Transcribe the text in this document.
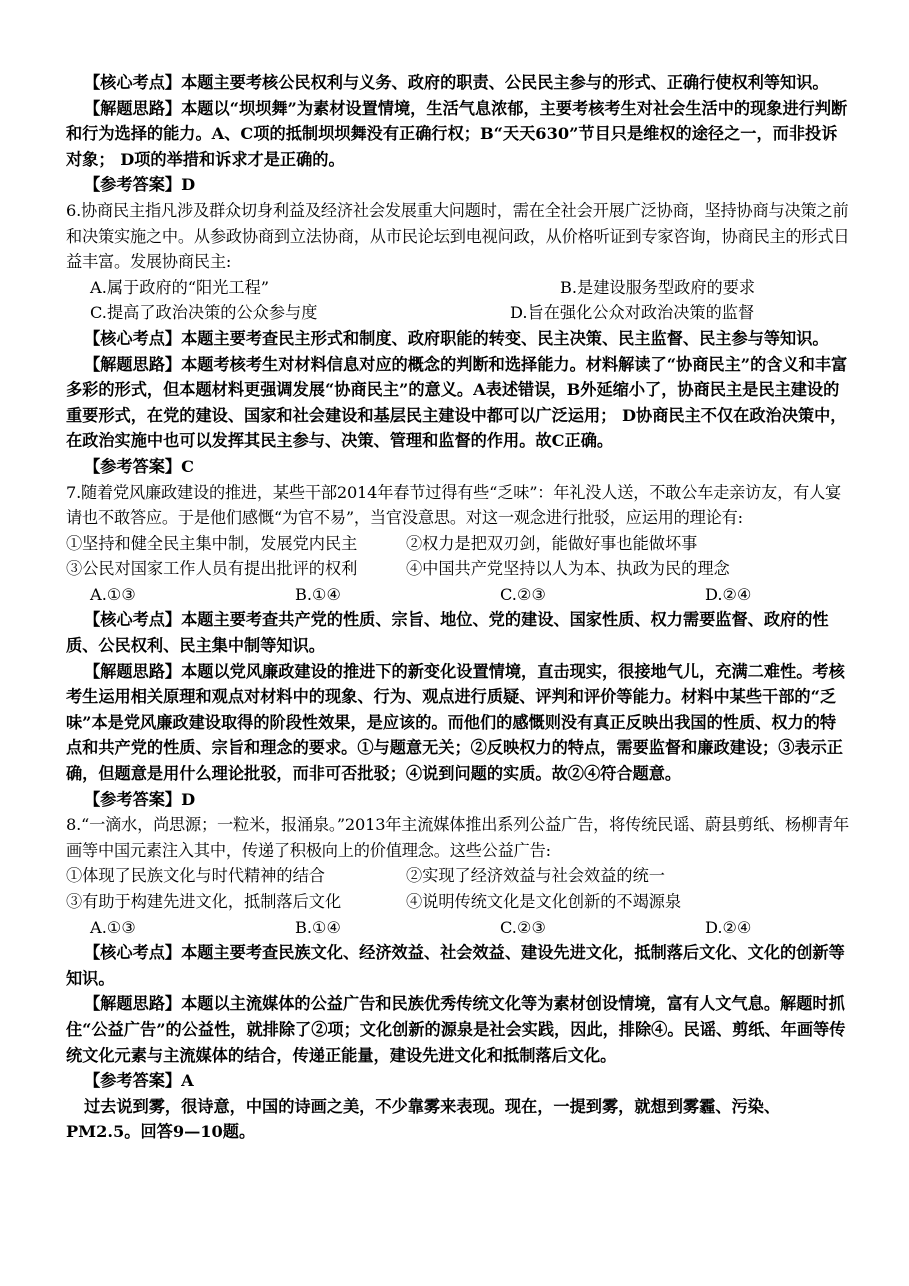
【核心考点】本题主要考核公民权利与义务、政府的职责、公民民主参与的形式、正确行使权利等知识。

【解题思路】本题以“坝坝舞”为素材设置情境，生活气息浓郁，主要考核考生对社会生活中的现象进行判断和行为选择的能力。A、C项的抵制坝坝舞没有正确行权；B“天天630”节目只是维权的途径之一，而非投诉对象； D项的举措和诉求才是正确的。

【参考答案】D

6.协商民主指凡涉及群众切身利益及经济社会发展重大问题时，需在全社会开展广泛协商，坚持协商与决策之前和决策实施之中。从参政协商到立法协商，从市民论坛到电视问政，从价格听证到专家咨询，协商民主的形式日益丰富。发展协商民主:

A.属于政府的“阳光工程”	B.是建设服务型政府的要求
C.提高了政治决策的公众参与度	D.旨在强化公众对政治决策的监督

【核心考点】本题主要考查民主形式和制度、政府职能的转变、民主决策、民主监督、民主参与等知识。

【解题思路】本题考核考生对材料信息对应的概念的判断和选择能力。材料解读了“协商民主”的含义和丰富多彩的形式，但本题材料更强调发展“协商民主”的意义。A表述错误，B外延缩小了，协商民主是民主建设的重要形式，在党的建设、国家和社会建设和基层民主建设中都可以广泛运用； D协商民主不仅在政治决策中，在政治实施中也可以发挥其民主参与、决策、管理和监督的作用。故C正确。

【参考答案】C

7.随着党风廉政建设的推进，某些干部2014年春节过得有些“乏味”：年礼没人送，不敢公车走亲访友，有人宴请也不敢答应。于是他们感慨“为官不易”，当官没意思。对这一观念进行批驳，应运用的理论有:

①坚持和健全民主集中制，发展党内民主	②权力是把双刃剑，能做好事也能做坏事
③公民对国家工作人员有提出批评的权利	④中国共产党坚持以人为本、执政为民的理念
A.①③	B.①④	C.②③	D.②④

【核心考点】本题主要考查共产党的性质、宗旨、地位、党的建设、国家性质、权力需要监督、政府的性质、公民权利、民主集中制等知识。

【解题思路】本题以党风廉政建设的推进下的新变化设置情境，直击现实，很接地气儿，充满二难性。考核考生运用相关原理和观点对材料中的现象、行为、观点进行质疑、评判和评价等能力。材料中某些干部的“乏味”本是党风廉政建设取得的阶段性效果，是应该的。而他们的感慨则没有真正反映出我国的性质、权力的特点和共产党的性质、宗旨和理念的要求。①与题意无关；②反映权力的特点，需要监督和廉政建设；③表示正确，但题意是用什么理论批驳，而非可否批驳；④说到问题的实质。故②④符合题意。

【参考答案】D

8.“一滴水，尚思源；一粒米，报涌泉。”2013年主流媒体推出系列公益广告，将传统民谣、蔚县剪纸、杨柳青年画等中国元素注入其中，传递了积极向上的价值理念。这些公益广告:

①体现了民族文化与时代精神的结合	②实现了经济效益与社会效益的统一
③有助于构建先进文化，抵制落后文化	④说明传统文化是文化创新的不竭源泉
A.①③	B.①④	C.②③	D.②④

【核心考点】本题主要考查民族文化、经济效益、社会效益、建设先进文化，抵制落后文化、文化的创新等知识。

【解题思路】本题以主流媒体的公益广告和民族优秀传统文化等为素材创设情境，富有人文气息。解题时抓住“公益广告”的公益性，就排除了②项；文化创新的源泉是社会实践，因此，排除④。民谣、剪纸、年画等传统文化元素与主流媒体的结合，传递正能量，建设先进文化和抵制落后文化。

【参考答案】A

过去说到雾，很诗意，中国的诗画之美，不少靠雾来表现。现在，一提到雾，就想到雾霾、污染、PM2.5。回答9—10题。
